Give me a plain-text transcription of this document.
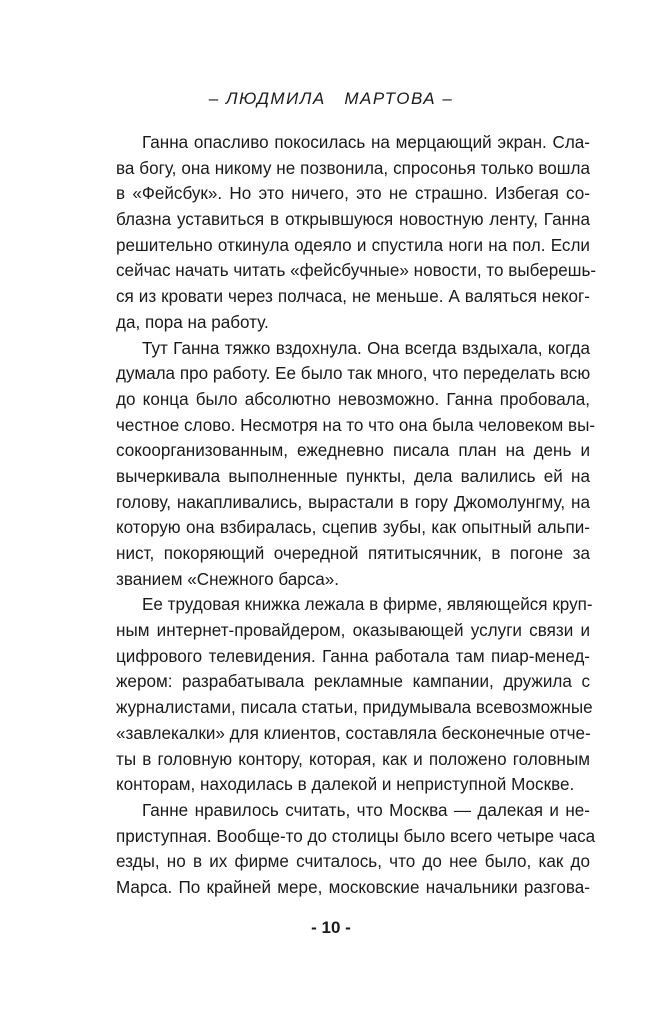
– ЛЮДМИЛА   МАРТОВА –
Ганна опасливо покосилась на мерцающий экран. Сла-
ва богу, она никому не позвонила, спросонья только вошла
в «Фейсбук». Но это ничего, это не страшно. Избегая со-
блазна уставиться в открывшуюся новостную ленту, Ганна
решительно откинула одеяло и спустила ноги на пол. Если
сейчас начать читать «фейсбучные» новости, то выберешь-
ся из кровати через полчаса, не меньше. А валяться неког-
да, пора на работу.
Тут Ганна тяжко вздохнула. Она всегда вздыхала, когда
думала про работу. Ее было так много, что переделать всю
до конца было абсолютно невозможно. Ганна пробовала,
честное слово. Несмотря на то что она была человеком вы-
сокоорганизованным, ежедневно писала план на день и
вычеркивала выполненные пункты, дела валились ей на
голову, накапливались, вырастали в гору Джомолунгму, на
которую она взбиралась, сцепив зубы, как опытный альпи-
нист, покоряющий очередной пятитысячник, в погоне за
званием «Снежного барса».
Ее трудовая книжка лежала в фирме, являющейся круп-
ным интернет-провайдером, оказывающей услуги связи и
цифрового телевидения. Ганна работала там пиар-менед-
жером: разрабатывала рекламные кампании, дружила с
журналистами, писала статьи, придумывала всевозможные
«завлекалки» для клиентов, составляла бесконечные отче-
ты в головную контору, которая, как и положено головным
конторам, находилась в далекой и неприступной Москве.
Ганне нравилось считать, что Москва — далекая и не-
приступная. Вообще-то до столицы было всего четыре часа
езды, но в их фирме считалось, что до нее было, как до
Марса. По крайней мере, московские начальники разгова-
- 10 -
